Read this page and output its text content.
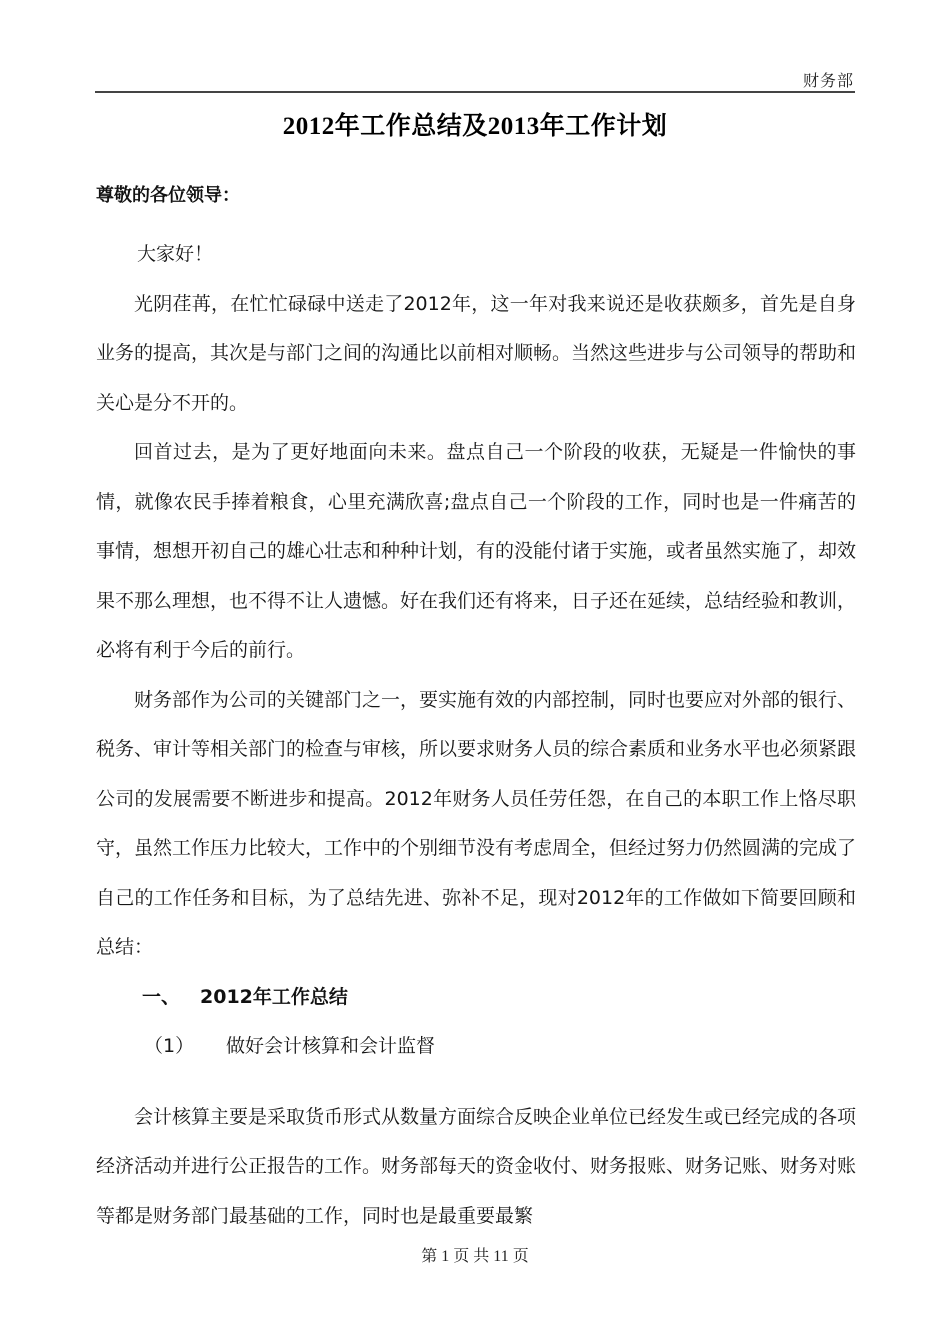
财务部
2012年工作总结及2013年工作计划

尊敬的各位领导：

大家好！

光阴荏苒，在忙忙碌碌中送走了2012年，这一年对我来说还是收获颇多，首先是自身业务的提高，其次是与部门之间的沟通比以前相对顺畅。当然这些进步与公司领导的帮助和关心是分不开的。

回首过去，是为了更好地面向未来。盘点自己一个阶段的收获，无疑是一件愉快的事情，就像农民手捧着粮食，心里充满欣喜;盘点自己一个阶段的工作，同时也是一件痛苦的事情，想想开初自己的雄心壮志和种种计划，有的没能付诸于实施，或者虽然实施了，却效果不那么理想，也不得不让人遗憾。好在我们还有将来，日子还在延续，总结经验和教训，必将有利于今后的前行。

财务部作为公司的关键部门之一，要实施有效的内部控制，同时也要应对外部的银行、税务、审计等相关部门的检查与审核，所以要求财务人员的综合素质和业务水平也必须紧跟公司的发展需要不断进步和提高。2012年财务人员任劳任怨，在自己的本职工作上恪尽职守，虽然工作压力比较大，工作中的个别细节没有考虑周全，但经过努力仍然圆满的完成了自己的工作任务和目标，为了总结先进、弥补不足，现对2012年的工作做如下简要回顾和总结：

一、 2012年工作总结

（1） 做好会计核算和会计监督

会计核算主要是采取货币形式从数量方面综合反映企业单位已经发生或已经完成的各项经济活动并进行公正报告的工作。财务部每天的资金收付、财务报账、财务记账、财务对账等都是财务部门最基础的工作，同时也是最重要最繁

第 1 页 共 11 页
